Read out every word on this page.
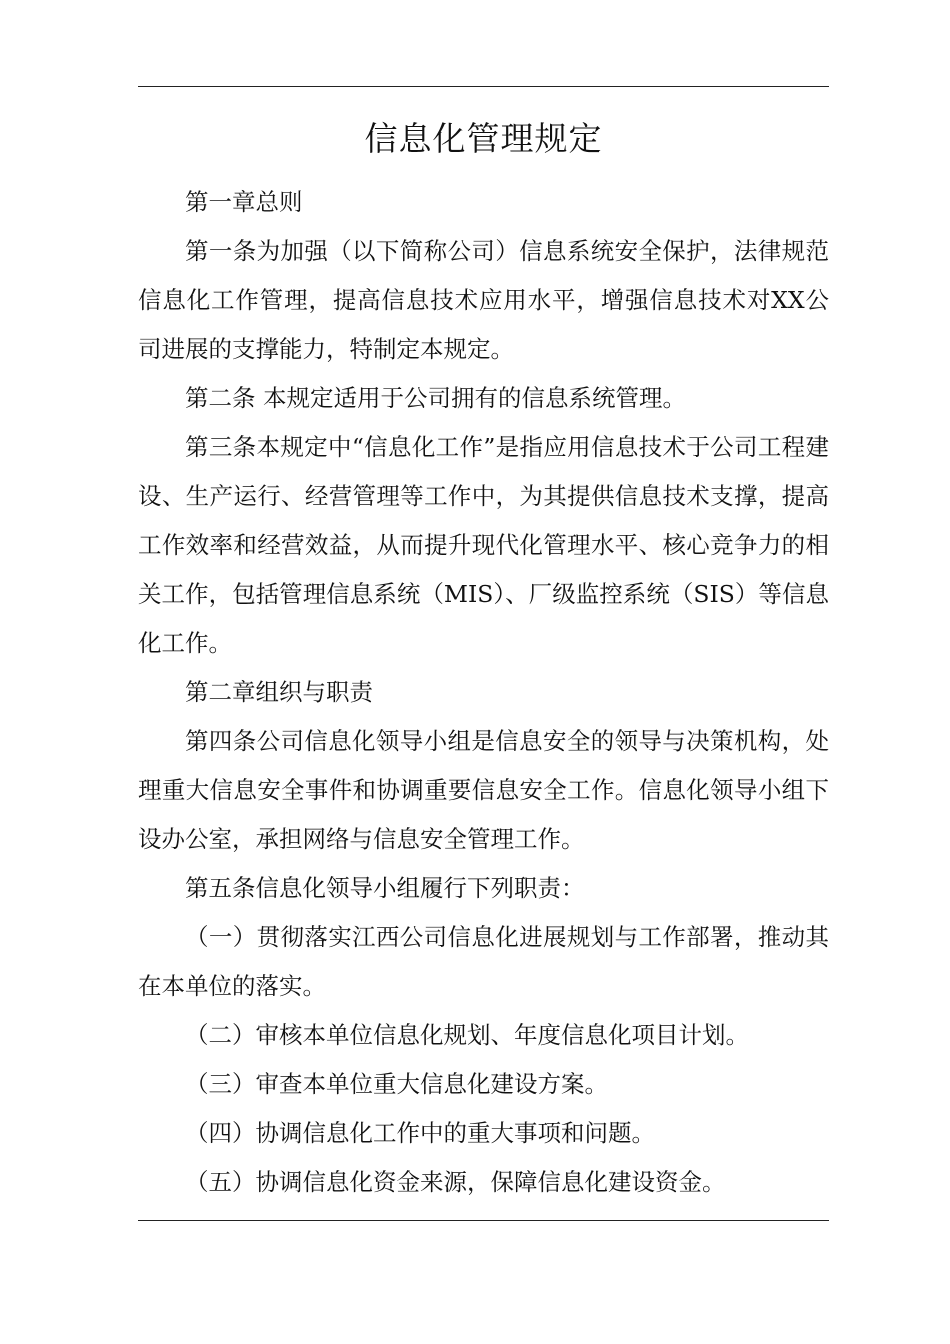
信息化管理规定

第一章总则

第一条为加强（以下简称公司）信息系统安全保护，法律规范信息化工作管理，提高信息技术应用水平，增强信息技术对XX公司进展的支撑能力，特制定本规定。

第二条 本规定适用于公司拥有的信息系统管理。

第三条本规定中“信息化工作”是指应用信息技术于公司工程建设、生产运行、经营管理等工作中，为其提供信息技术支撑，提高工作效率和经营效益，从而提升现代化管理水平、核心竞争力的相关工作，包括管理信息系统（MIS）、厂级监控系统（SIS）等信息化工作。

第二章组织与职责

第四条公司信息化领导小组是信息安全的领导与决策机构，处理重大信息安全事件和协调重要信息安全工作。信息化领导小组下设办公室，承担网络与信息安全管理工作。

第五条信息化领导小组履行下列职责：

（一）贯彻落实江西公司信息化进展规划与工作部署，推动其在本单位的落实。

（二）审核本单位信息化规划、年度信息化项目计划。

（三）审查本单位重大信息化建设方案。

（四）协调信息化工作中的重大事项和问题。

（五）协调信息化资金来源，保障信息化建设资金。
